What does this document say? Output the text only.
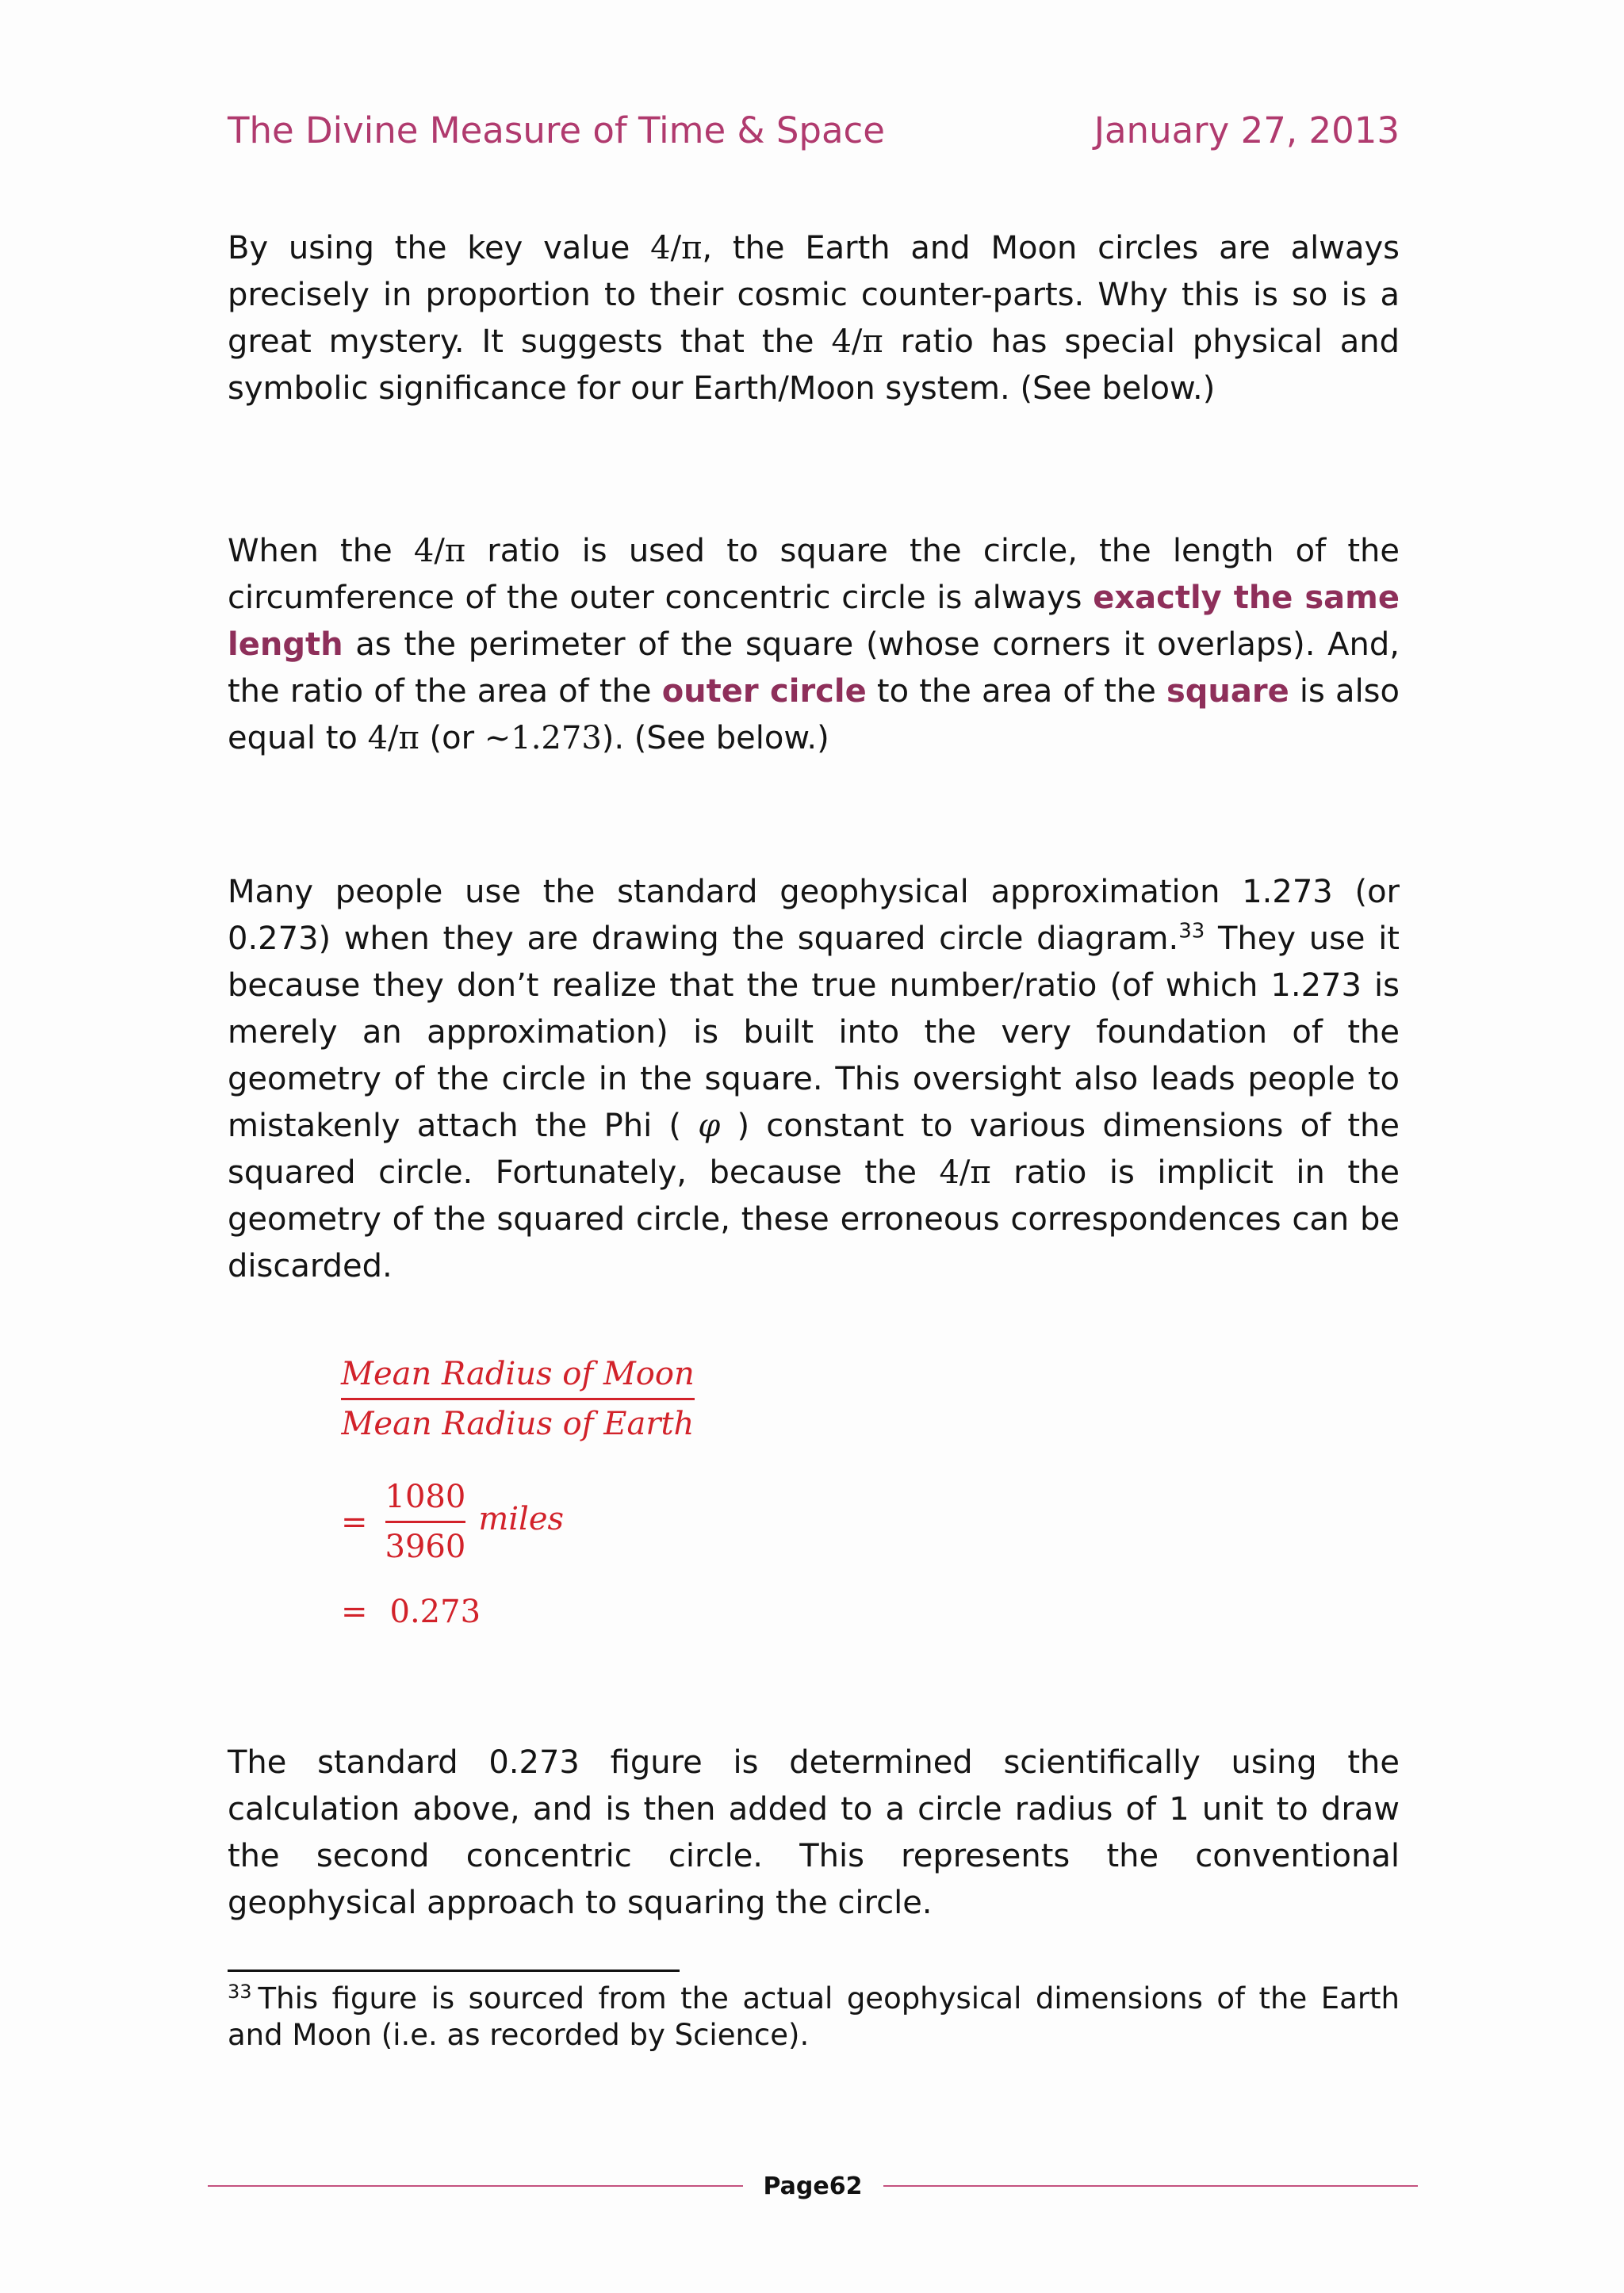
The Divine Measure of Time & Space	January 27, 2013

By using the key value 4/π, the Earth and Moon circles are always precisely in proportion to their cosmic counter-parts. Why this is so is a great mystery. It suggests that the 4/π ratio has special physical and symbolic significance for our Earth/Moon system. (See below.)

When the 4/π ratio is used to square the circle, the length of the circumference of the outer concentric circle is always exactly the same length as the perimeter of the square (whose corners it overlaps). And, the ratio of the area of the outer circle to the area of the square is also equal to 4/π (or ~1.273). (See below.)

Many people use the standard geophysical approximation 1.273 (or 0.273) when they are drawing the squared circle diagram.$^{33}$ They use it because they don’t realize that the true number/ratio (of which 1.273 is merely an approximation) is built into the very foundation of the geometry of the circle in the square. This oversight also leads people to mistakenly attach the Phi ( φ ) constant to various dimensions of the squared circle. Fortunately, because the 4/π ratio is implicit in the geometry of the squared circle, these erroneous correspondences can be discarded.

$\frac{\text{Mean Radius of Moon}}{\text{Mean Radius of Earth}}$
= $\frac{1080}{3960}$ miles
= 0.273

The standard 0.273 figure is determined scientifically using the calculation above, and is then added to a circle radius of 1 unit to draw the second concentric circle. This represents the conventional geophysical approach to squaring the circle.

$^{33}$ This figure is sourced from the actual geophysical dimensions of the Earth and Moon (i.e. as recorded by Science).

Page62
